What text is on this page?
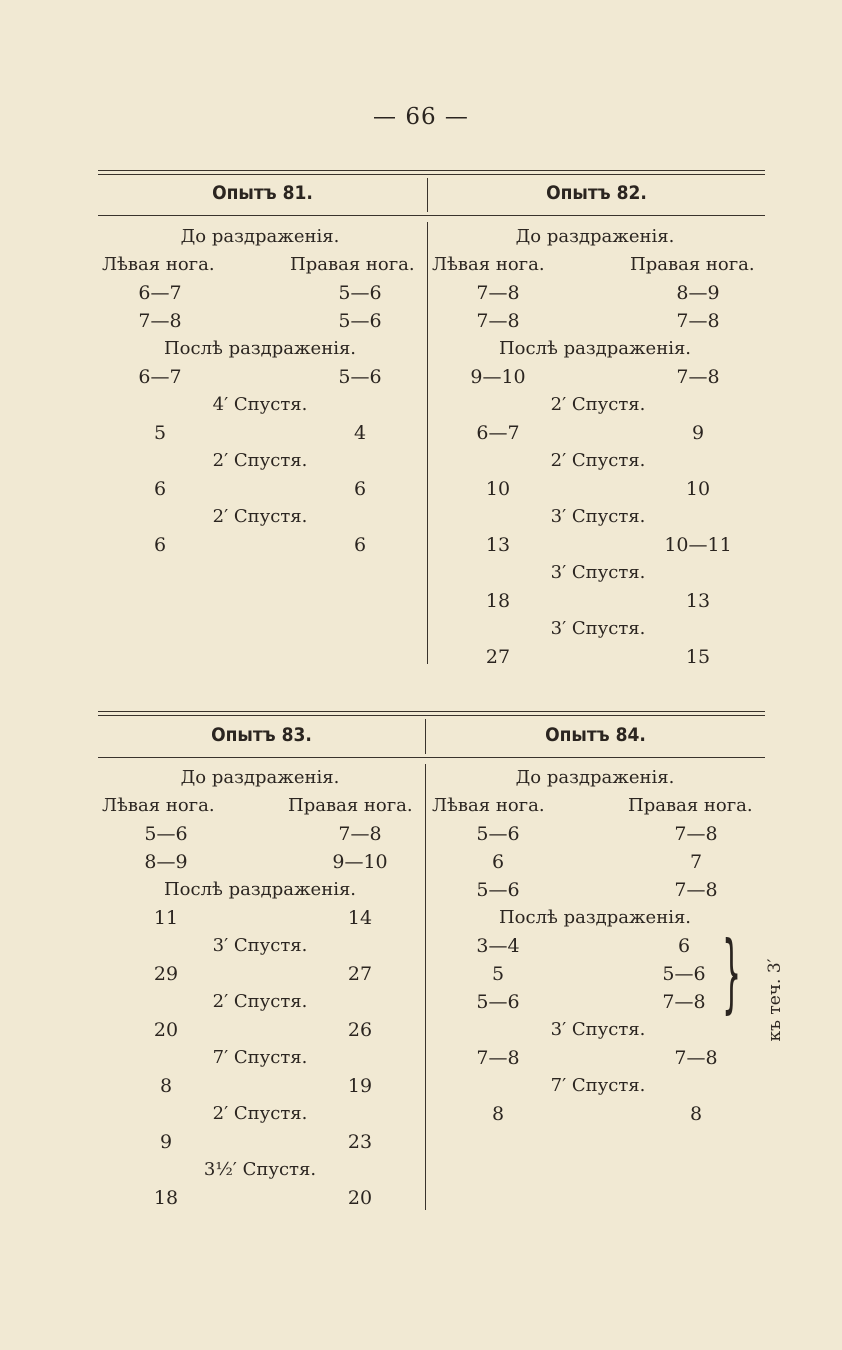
— 66 —
Опытъ 81.	Опытъ 82.
До раздраженія.
Лѣвая нога.	Правая нога.
6—7	5—6
7—8	5—6
Послѣ раздраженія.
6—7	5—6
4′ Спустя.
5	4
2′ Спустя.
6	6
2′ Спустя.
6	6
До раздраженія.
Лѣвая нога.	Правая нога.
7—8	8—9
7—8	7—8
Послѣ раздраженія.
9—10	7—8
2′ Спустя.
6—7	9
2′ Спустя.
10	10
3′ Спустя.
13	10—11
3′ Спустя.
18	13
3′ Спустя.
27	15
Опытъ 83.	Опытъ 84.
До раздраженія.
Лѣвая нога.	Правая нога.
5—6	7—8
8—9	9—10
Послѣ раздраженія.
11	14
3′ Спустя.
29	27
2′ Спустя.
20	26
7′ Спустя.
8	19
2′ Спустя.
9	23
3½′ Спустя.
18	20
До раздраженія.
Лѣвая нога.	Правая нога.
5—6	7—8
6	7
5—6	7—8
Послѣ раздраженія.
3—4	6
5	5—6
5—6	7—8 } къ теч. 3′
3′ Спустя.
7—8	7—8
7′ Спустя.
8	8
